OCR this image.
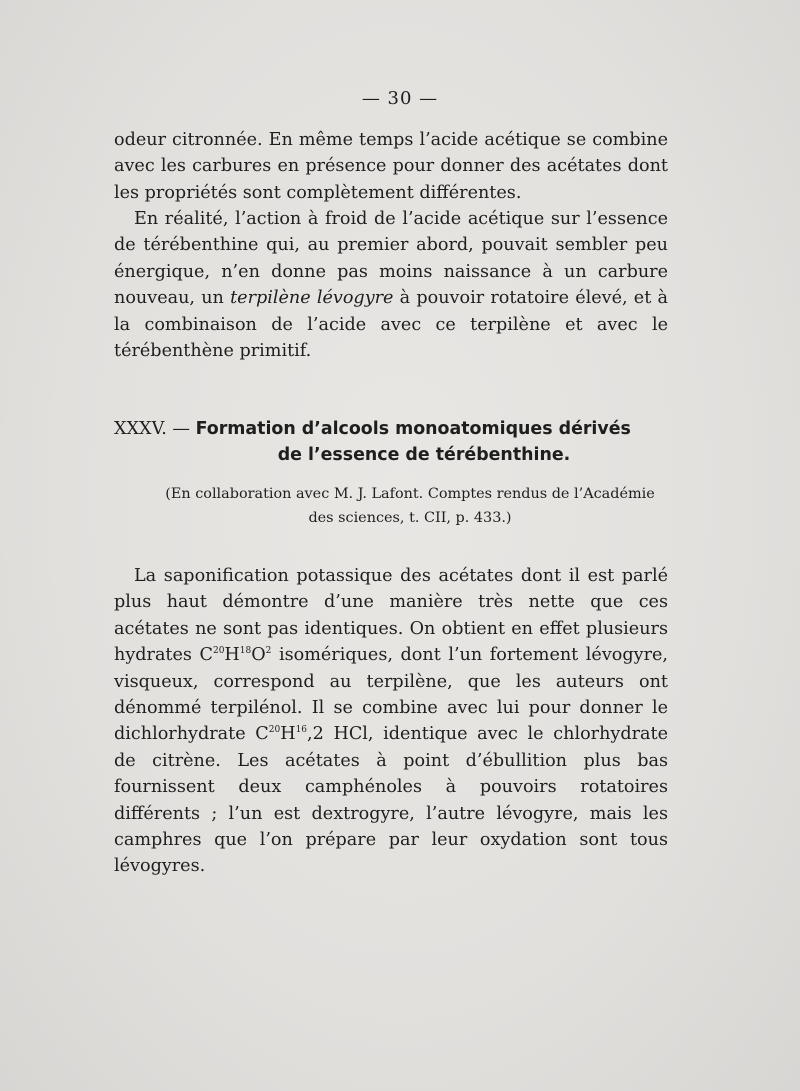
— 30 —

odeur citronnée. En même temps l’acide acétique se combine avec les carbures en présence pour donner des acétates dont les propriétés sont complètement différentes.

En réalité, l’action à froid de l’acide acétique sur l’essence de térébenthine qui, au premier abord, pouvait sembler peu énergique, n’en donne pas moins naissance à un carbure nouveau, un terpilène lévogyre à pouvoir rotatoire élevé, et à la combinaison de l’acide avec ce terpilène et avec le térébenthène primitif.

XXXV. — Formation d’alcools monoatomiques dérivés
de l’essence de térébenthine.
(En collaboration avec M. J. Lafont. Comptes rendus de l’Académie
des sciences, t. CII, p. 433.)

La saponification potassique des acétates dont il est parlé plus haut démontre d’une manière très nette que ces acétates ne sont pas identiques. On obtient en effet plusieurs hydrates $C^{20}H^{18}O^2$ isomériques, dont l’un fortement lévogyre, visqueux, correspond au terpilène, que les auteurs ont dénommé terpilénol. Il se combine avec lui pour donner le dichlorhydrate $C^{20}H^{16},2$ HCl, identique avec le chlorhydrate de citrène. Les acétates à point d’ébullition plus bas fournissent deux camphénoles à pouvoirs rotatoires différents ; l’un est dextrogyre, l’autre lévogyre, mais les camphres que l’on prépare par leur oxydation sont tous lévogyres.
